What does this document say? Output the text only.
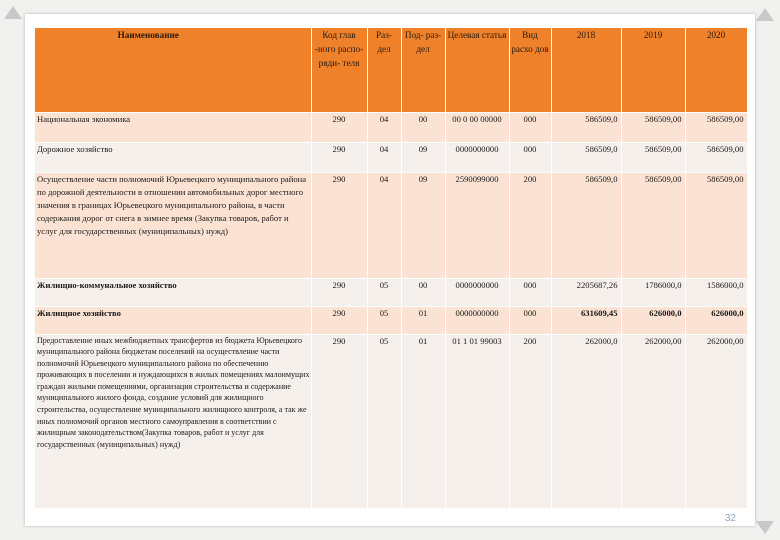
Наименование	Код глав -ного распо- ряди- теля	Раз- дел	Под- раз-дел	Целевая статья	Вид расхо дов	2018	2019	2020
Национальная экономика	290	04	00	00 0 00 00000	000	586509,0	586509,00	586509,00
Дорожное хозяйство	290	04	09	0000000000	000	586509,0	586509,00	586509,00
Осуществление части полномочий Юрьевецкого муниципального района по дорожной деятельности в отношении автомобильных дорог местного значения в границах Юрьевецкого муниципального района, в части содержания дорог от снега в зимнее время (Закупка товаров, работ и услуг для государственных (муниципальных) нужд)	290	04	09	2590099000	200	586509,0	586509,00	586509,00
Жилищно-коммунальное хозяйство	290	05	00	0000000000	000	2205687,26	1786000,0	1586000,0
Жилищное хозяйство	290	05	01	0000000000	000	631609,45	626000,0	626000,0
Предоставление иных межбюджетных трансфертов из бюджета Юрьевецкого муниципального района бюджетам поселений на осуществление части полномочий Юрьевецкого муниципального района по обеспечению проживающих в поселении и нуждающихся в жилых помещениях малоимущих граждан жилыми помещениями, организация строительства и содержание муниципального жилого фонда, создание условий для жилищного строительства, осуществление муниципального жилищного контроля, а так же иных полномочий органов местного самоуправления в соответствии с жилищным законодательством(Закупка товаров, работ и услуг для государственных (муниципальных) нужд)	290	05	01	01 1 01 99003	200	262000,0	262000,00	262000,00
32
